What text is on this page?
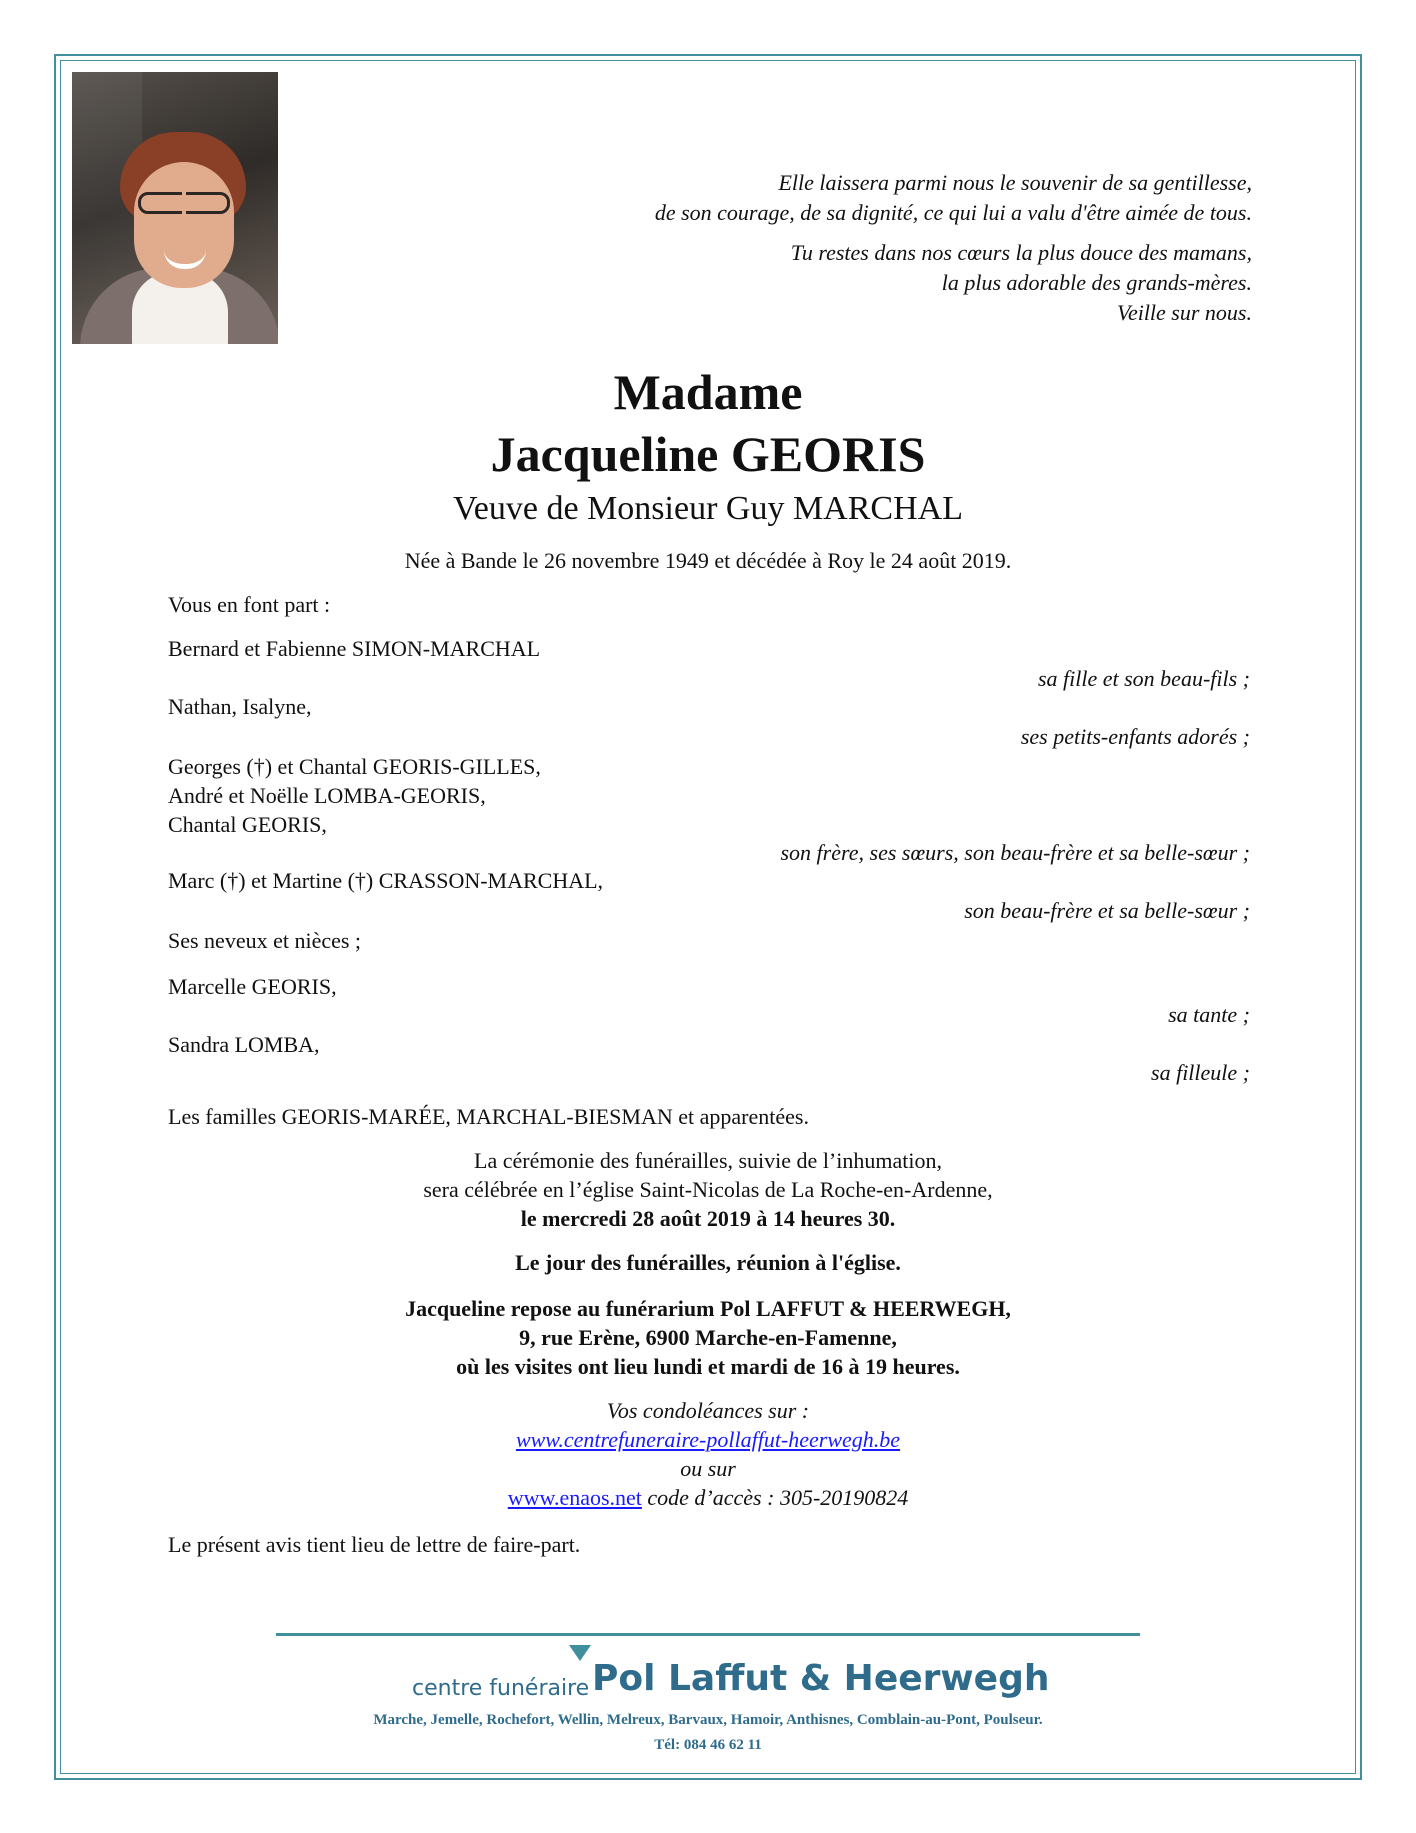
Elle laissera parmi nous le souvenir de sa gentillesse,
de son courage, de sa dignité, ce qui lui a valu d'être aimée de tous.
Tu restes dans nos cœurs la plus douce des mamans,
la plus adorable des grands-mères.
Veille sur nous.
Madame
Jacqueline GEORIS
Veuve de Monsieur Guy MARCHAL
Née à Bande le 26 novembre 1949 et décédée à Roy le 24 août 2019.
Vous en font part :
Bernard et Fabienne SIMON-MARCHAL
sa fille et son beau-fils ;
Nathan, Isalyne,
ses petits-enfants adorés ;
Georges (†) et Chantal GEORIS-GILLES,
André et Noëlle LOMBA-GEORIS,
Chantal GEORIS,
son frère, ses sœurs, son beau-frère et sa belle-sœur ;
Marc (†) et Martine (†) CRASSON-MARCHAL,
son beau-frère et sa belle-sœur ;
Ses neveux et nièces ;
Marcelle GEORIS,
sa tante ;
Sandra LOMBA,
sa filleule ;
Les familles GEORIS-MARÉE, MARCHAL-BIESMAN et apparentées.
La cérémonie des funérailles, suivie de l’inhumation,
sera célébrée en l’église Saint-Nicolas de La Roche-en-Ardenne,
le mercredi 28 août 2019 à 14 heures 30.
Le jour des funérailles, réunion à l'église.
Jacqueline repose au funérarium Pol LAFFUT & HEERWEGH,
9, rue Erène, 6900 Marche-en-Famenne,
où les visites ont lieu lundi et mardi de 16 à 19 heures.
Vos condoléances sur :
www.centrefuneraire-pollaffut-heerwegh.be
ou sur
www.enaos.net code d’accès : 305-20190824
Le présent avis tient lieu de lettre de faire-part.
centre funéraire Pol Laffut & Heerwegh
Marche, Jemelle, Rochefort, Wellin, Melreux, Barvaux, Hamoir, Anthisnes, Comblain-au-Pont, Poulseur.
Tél: 084 46 62 11
